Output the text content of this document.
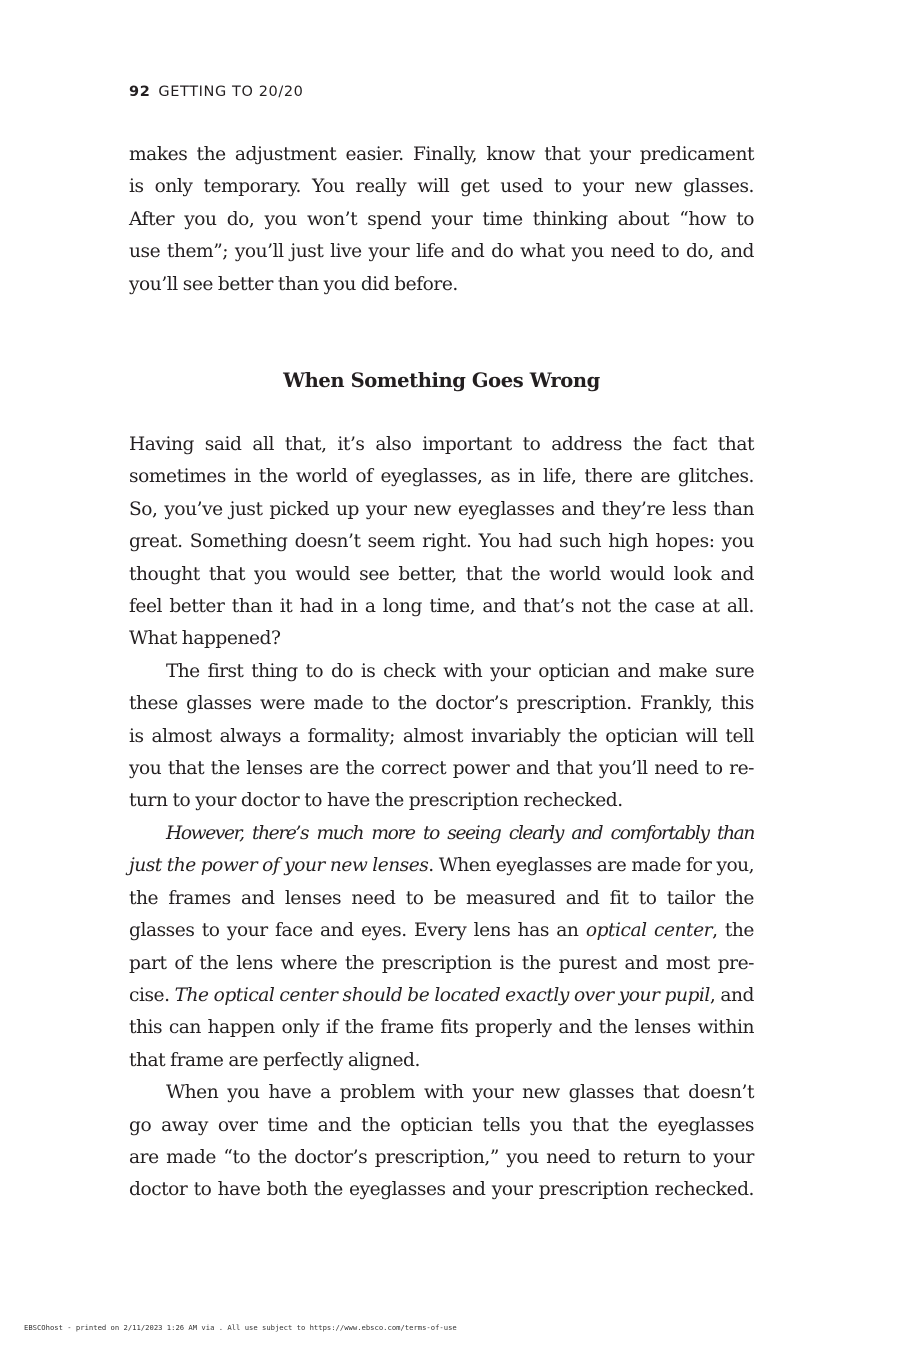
92 GETTING TO 20/20
makes the adjustment easier. Finally, know that your predicament
is only temporary. You really will get used to your new glasses.
After you do, you won’t spend your time thinking about “how to
use them”; you’ll just live your life and do what you need to do, and
you’ll see better than you did before.
When Something Goes Wrong
Having said all that, it’s also important to address the fact that
sometimes in the world of eyeglasses, as in life, there are glitches.
So, you’ve just picked up your new eyeglasses and they’re less than
great. Something doesn’t seem right. You had such high hopes: you
thought that you would see better, that the world would look and
feel better than it had in a long time, and that’s not the case at all.
What happened?
The first thing to do is check with your optician and make sure
these glasses were made to the doctor’s prescription. Frankly, this
is almost always a formality; almost invariably the optician will tell
you that the lenses are the correct power and that you’ll need to re-
turn to your doctor to have the prescription rechecked.
However, there’s much more to seeing clearly and comfortably than
just the power of your new lenses. When eyeglasses are made for you,
the frames and lenses need to be measured and fit to tailor the
glasses to your face and eyes. Every lens has an optical center, the
part of the lens where the prescription is the purest and most pre-
cise. The optical center should be located exactly over your pupil, and
this can happen only if the frame fits properly and the lenses within
that frame are perfectly aligned.
When you have a problem with your new glasses that doesn’t
go away over time and the optician tells you that the eyeglasses
are made “to the doctor’s prescription,” you need to return to your
doctor to have both the eyeglasses and your prescription rechecked.
EBSCOhost - printed on 2/11/2023 1:26 AM via . All use subject to https://www.ebsco.com/terms-of-use
